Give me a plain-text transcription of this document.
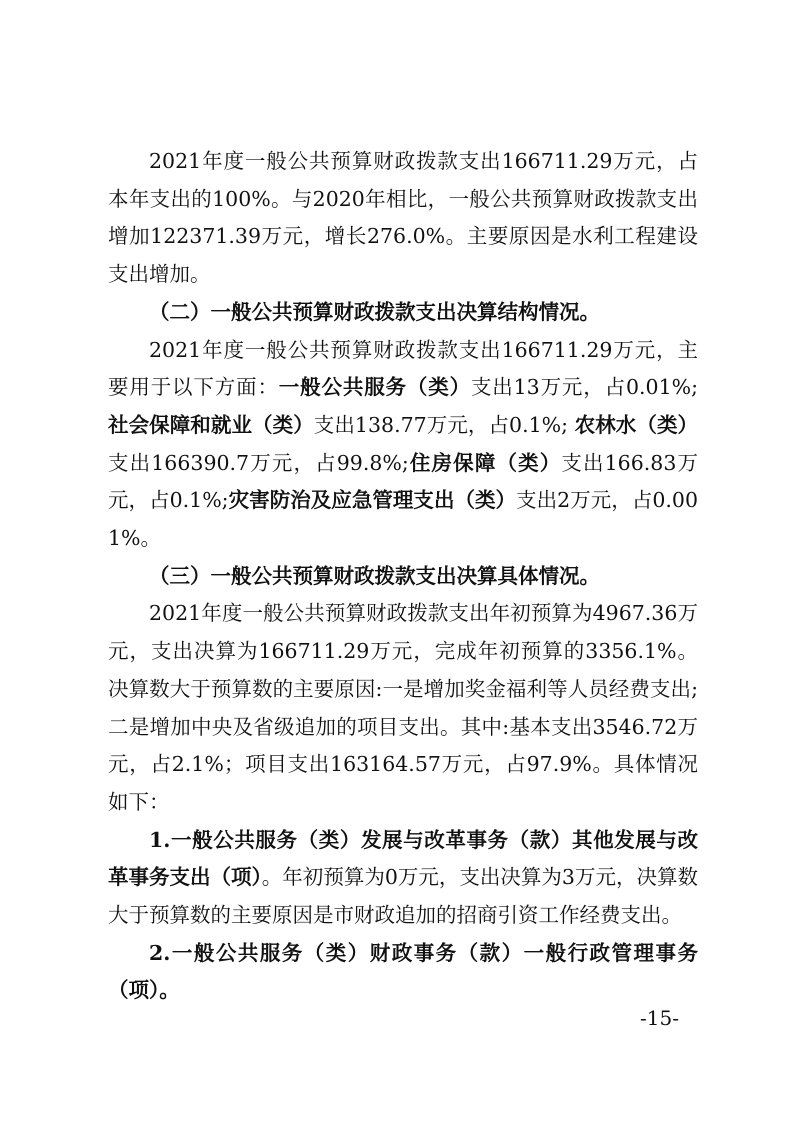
2021年度一般公共预算财政拨款支出166711.29万元，占本年支出的100%。与2020年相比，一般公共预算财政拨款支出增加122371.39万元，增长276.0%。主要原因是水利工程建设支出增加。

（二）一般公共预算财政拨款支出决算结构情况。

2021年度一般公共预算财政拨款支出166711.29万元，主要用于以下方面：一般公共服务（类）支出13万元，占0.01%;社会保障和就业（类）支出138.77万元，占0.1%; 农林水（类）支出166390.7万元，占99.8%;住房保障（类）支出166.83万元，占0.1%;灾害防治及应急管理支出（类）支出2万元，占0.001%。

（三）一般公共预算财政拨款支出决算具体情况。

2021年度一般公共预算财政拨款支出年初预算为4967.36万元，支出决算为166711.29万元，完成年初预算的3356.1%。决算数大于预算数的主要原因:一是增加奖金福利等人员经费支出;二是增加中央及省级追加的项目支出。其中:基本支出3546.72万元，占2.1%；项目支出163164.57万元，占97.9%。具体情况如下：

1.一般公共服务（类）发展与改革事务（款）其他发展与改革事务支出（项）。年初预算为0万元，支出决算为3万元，决算数大于预算数的主要原因是市财政追加的招商引资工作经费支出。

2.一般公共服务（类）财政事务（款）一般行政管理事务（项）。

-15-
